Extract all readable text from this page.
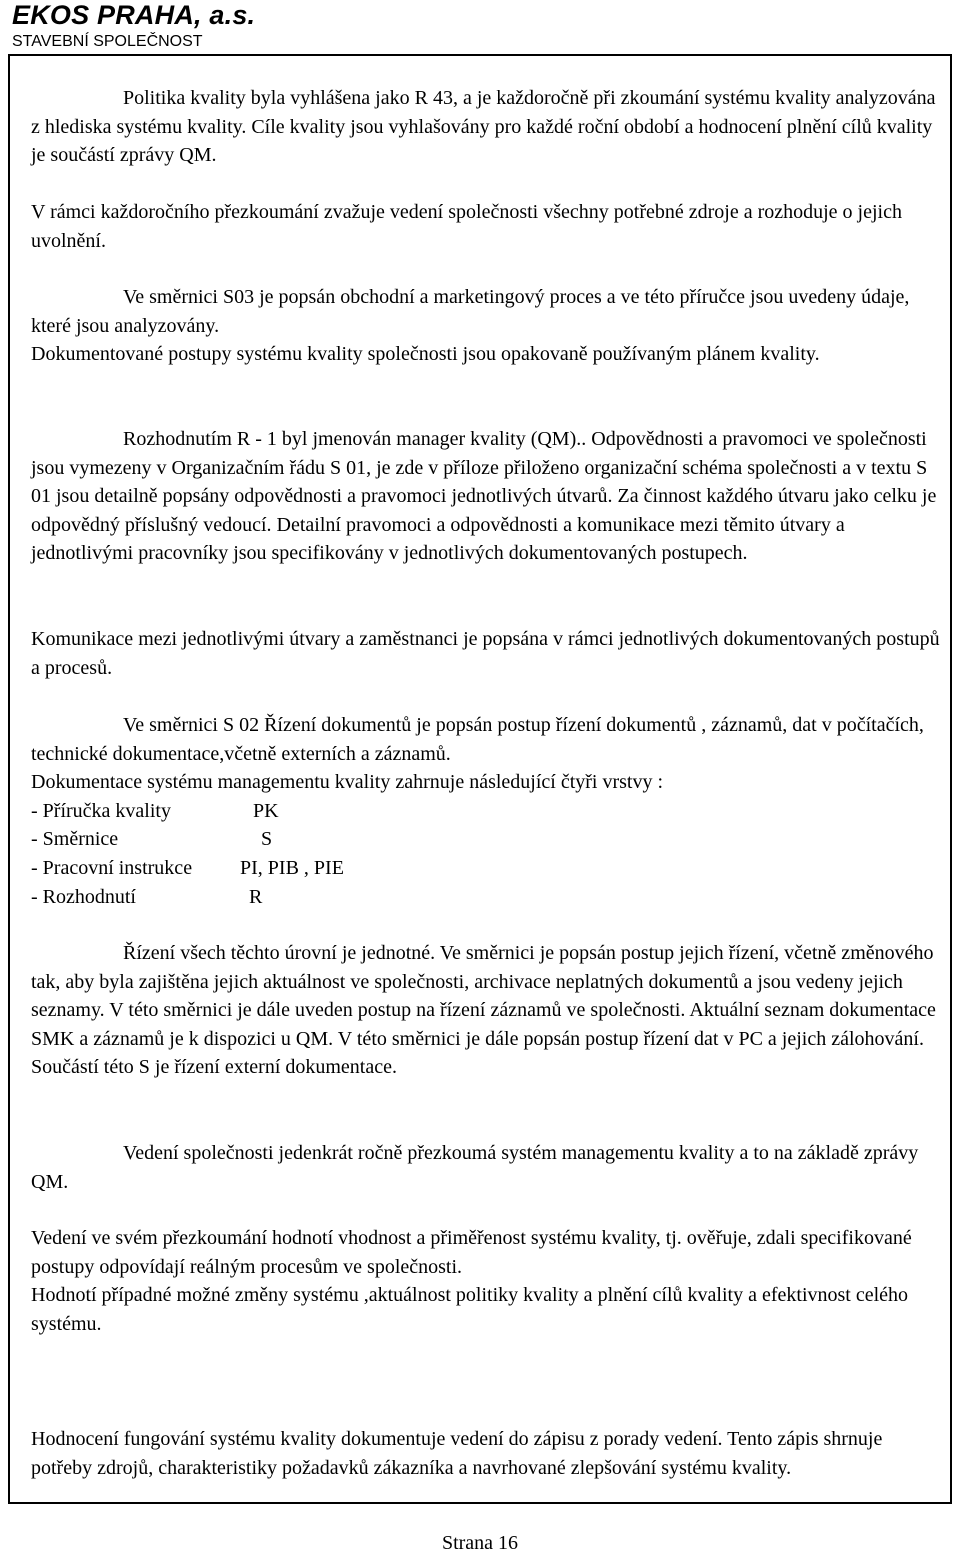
EKOS PRAHA, a.s.
STAVEBNÍ SPOLEČNOST

Politika kvality byla vyhlášena jako R 43, a je každoročně při zkoumání systému kvality analyzována z hlediska systému kvality. Cíle kvality jsou vyhlašovány pro každé roční období a hodnocení plnění cílů kvality je součástí zprávy QM.

V rámci každoročního přezkoumání zvažuje vedení společnosti všechny potřebné zdroje a rozhoduje o jejich uvolnění.

Ve směrnici S03 je popsán obchodní a marketingový proces a ve této příručce jsou uvedeny údaje, které jsou analyzovány.

Dokumentované postupy systému kvality společnosti jsou opakovaně používaným plánem kvality.

Rozhodnutím R - 1 byl jmenován manager kvality (QM).. Odpovědnosti a pravomoci ve společnosti jsou vymezeny v Organizačním řádu S 01, je zde v příloze přiloženo organizační schéma společnosti a v textu S 01 jsou detailně popsány odpovědnosti a pravomoci jednotlivých útvarů. Za činnost každého útvaru jako celku je odpovědný příslušný vedoucí. Detailní pravomoci a odpovědnosti a komunikace mezi těmito útvary a jednotlivými pracovníky jsou specifikovány v jednotlivých dokumentovaných postupech.

Komunikace mezi jednotlivými útvary a zaměstnanci je popsána v rámci jednotlivých dokumentovaných postupů a procesů.

Ve směrnici S 02 Řízení dokumentů je popsán postup řízení dokumentů , záznamů, dat v počítačích, technické dokumentace,včetně externích a záznamů.

Dokumentace systému managementu kvality zahrnuje následující čtyři vrstvy :

- Příručka kvality	PK
- Směrnice	S
- Pracovní instrukce	PI, PIB , PIE
- Rozhodnutí	R

Řízení všech těchto úrovní je jednotné. Ve směrnici je popsán postup jejich řízení, včetně změnového tak, aby byla zajištěna jejich aktuálnost ve společnosti, archivace neplatných dokumentů a jsou vedeny jejich seznamy. V této směrnici je dále uveden postup na řízení záznamů ve společnosti. Aktuální seznam dokumentace SMK a záznamů je k dispozici u QM. V této směrnici je dále popsán postup řízení dat v PC a jejich zálohování. Součástí této S je řízení externí dokumentace.

Vedení společnosti jedenkrát ročně přezkoumá systém managementu kvality a to na základě zprávy QM.

Vedení ve svém přezkoumání hodnotí vhodnost a přiměřenost systému kvality, tj. ověřuje, zdali specifikované postupy odpovídají reálným procesům ve společnosti.

Hodnotí případné možné změny systému ,aktuálnost politiky kvality a plnění cílů kvality a efektivnost celého systému.

Hodnocení fungování systému kvality dokumentuje vedení do zápisu z porady vedení. Tento zápis shrnuje potřeby zdrojů, charakteristiky požadavků zákazníka a navrhované zlepšování systému kvality.

Strana 16
